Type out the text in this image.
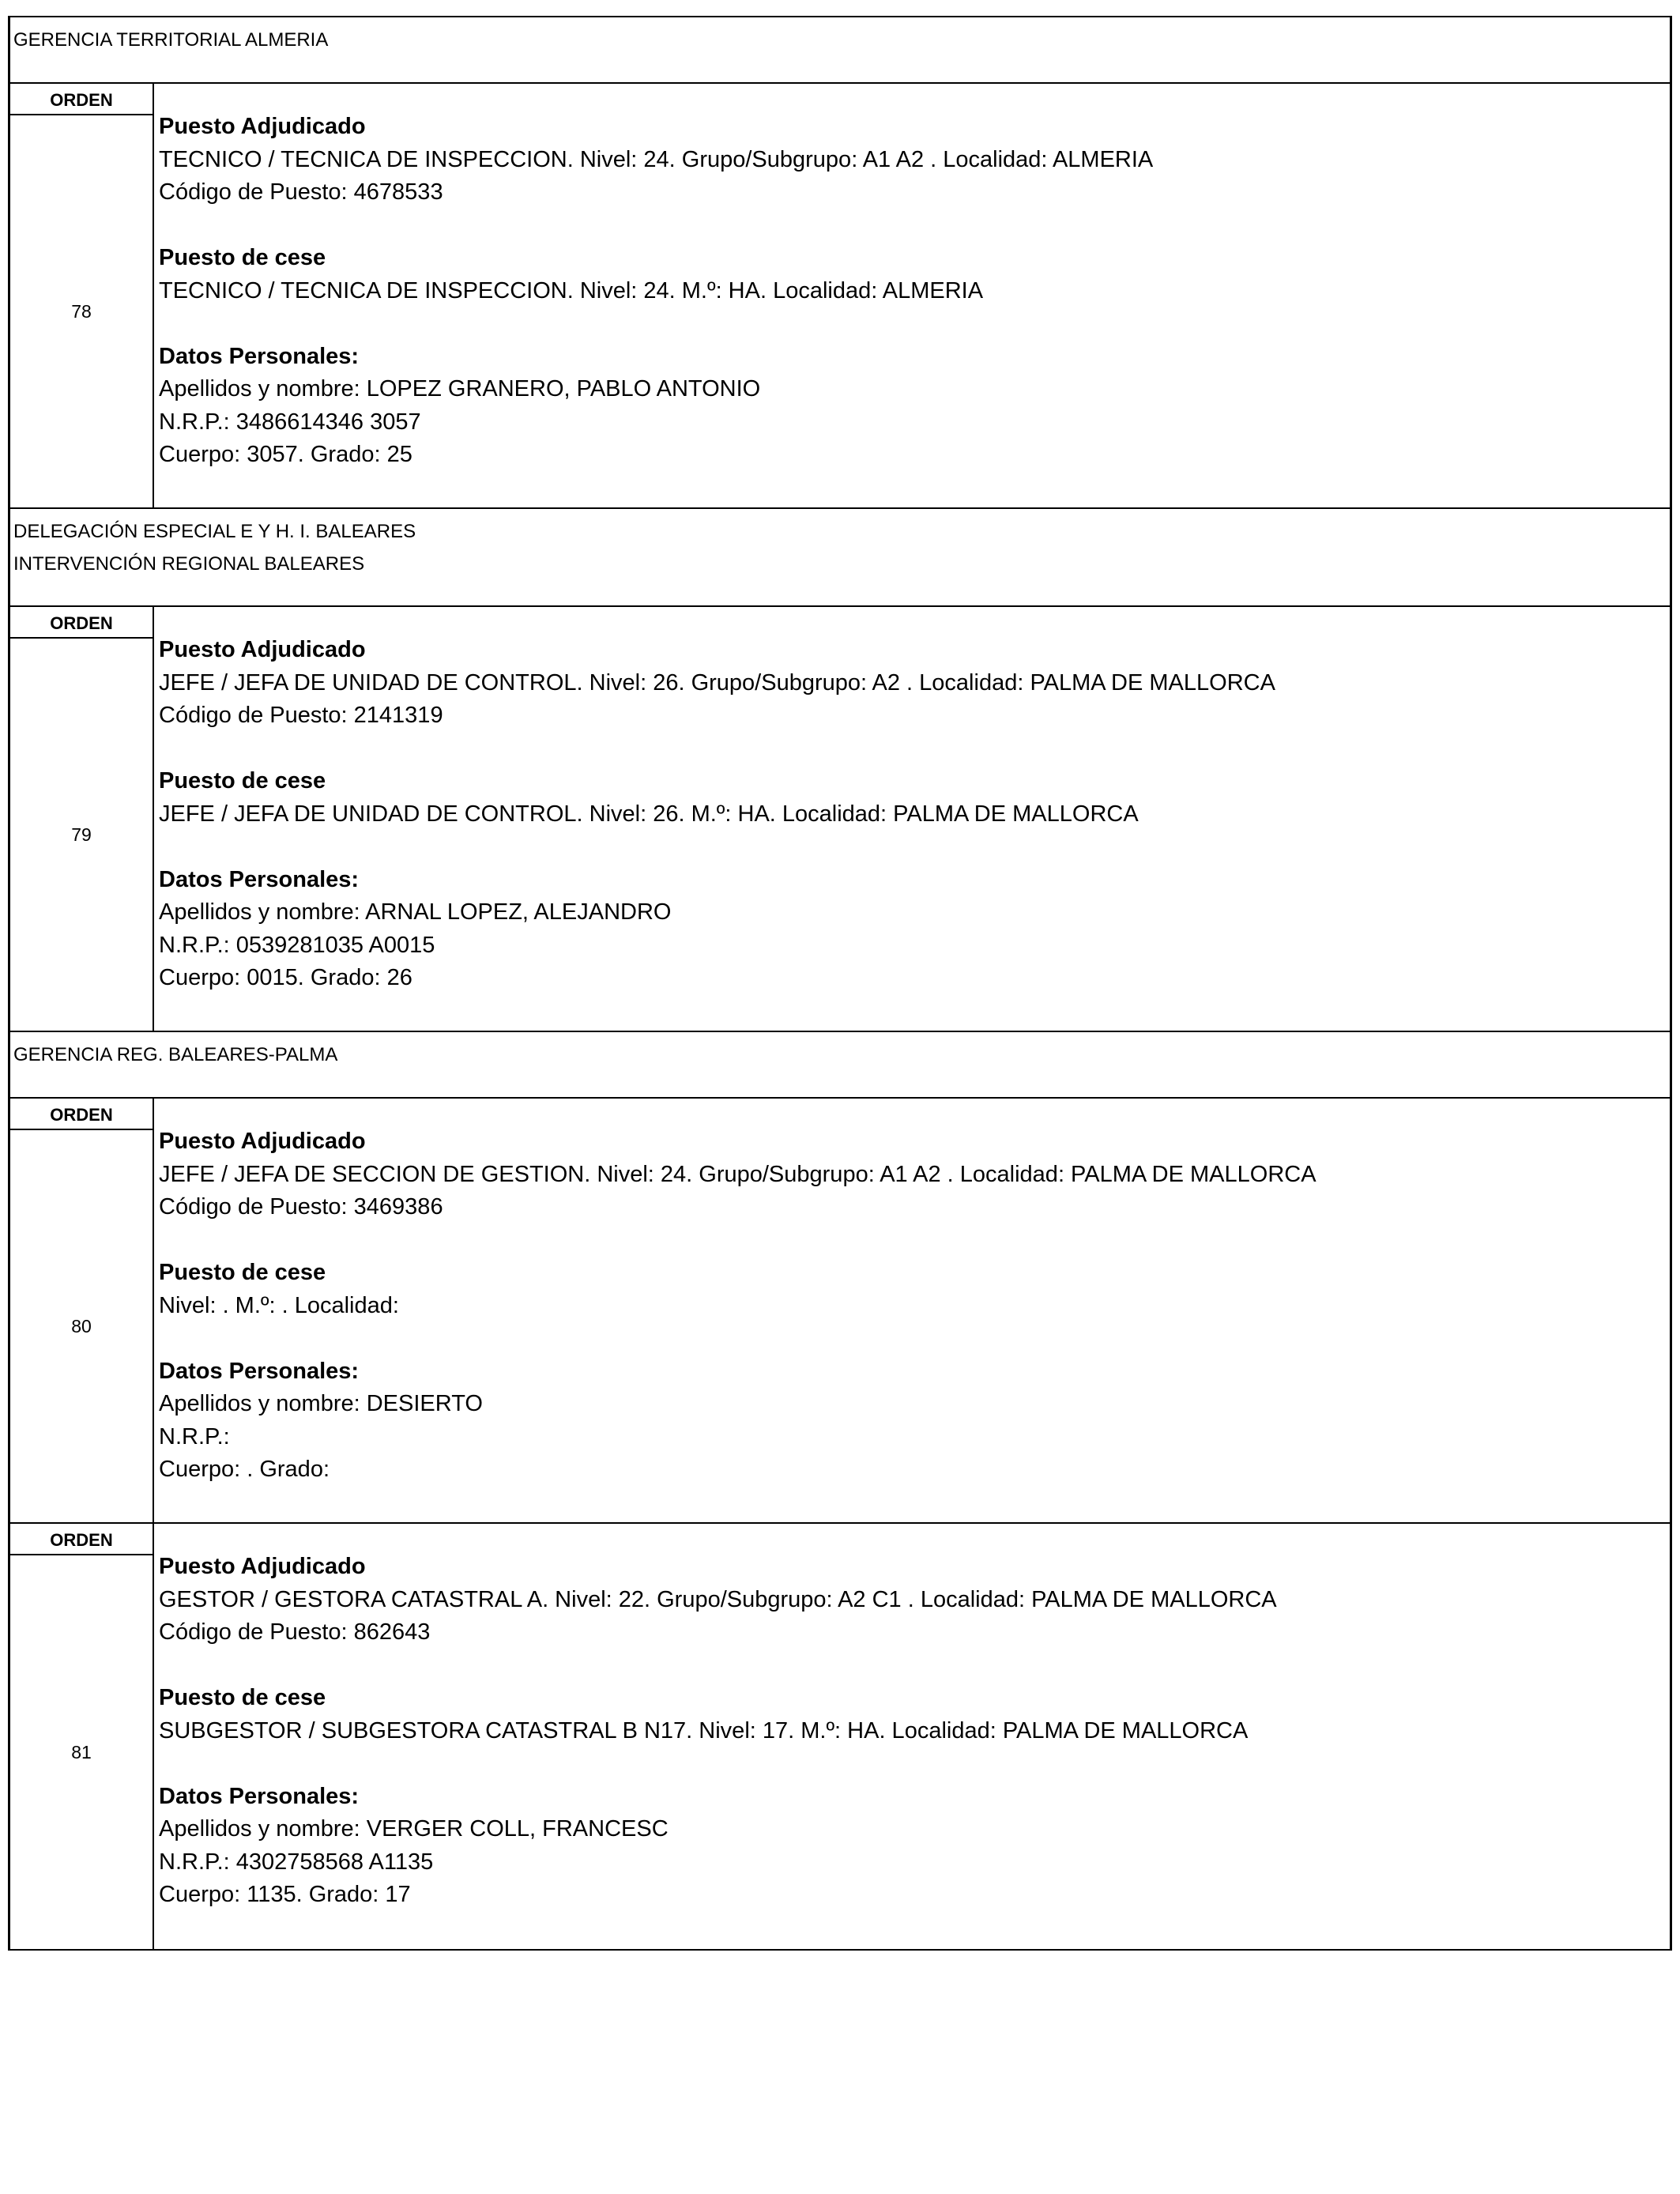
GERENCIA TERRITORIAL ALMERIA
ORDEN
78
Puesto Adjudicado
TECNICO / TECNICA DE INSPECCION. Nivel: 24. Grupo/Subgrupo: A1 A2 . Localidad: ALMERIA
Código de Puesto: 4678533
Puesto de cese
TECNICO / TECNICA DE INSPECCION. Nivel: 24. M.º: HA. Localidad: ALMERIA
Datos Personales:
Apellidos y nombre: LOPEZ GRANERO, PABLO ANTONIO
N.R.P.: 3486614346 3057
Cuerpo: 3057. Grado: 25
DELEGACIÓN ESPECIAL E Y H. I. BALEARES
INTERVENCIÓN REGIONAL BALEARES
ORDEN
79
Puesto Adjudicado
JEFE / JEFA DE UNIDAD DE CONTROL. Nivel: 26. Grupo/Subgrupo: A2 . Localidad: PALMA DE MALLORCA
Código de Puesto: 2141319
Puesto de cese
JEFE / JEFA DE UNIDAD DE CONTROL. Nivel: 26. M.º: HA. Localidad: PALMA DE MALLORCA
Datos Personales:
Apellidos y nombre: ARNAL LOPEZ, ALEJANDRO
N.R.P.: 0539281035 A0015
Cuerpo: 0015. Grado: 26
GERENCIA REG. BALEARES-PALMA
ORDEN
80
Puesto Adjudicado
JEFE / JEFA DE SECCION DE GESTION. Nivel: 24. Grupo/Subgrupo: A1 A2 . Localidad: PALMA DE MALLORCA
Código de Puesto: 3469386
Puesto de cese
Nivel: . M.º: . Localidad:
Datos Personales:
Apellidos y nombre: DESIERTO
N.R.P.:
Cuerpo: . Grado:
ORDEN
81
Puesto Adjudicado
GESTOR / GESTORA CATASTRAL A. Nivel: 22. Grupo/Subgrupo: A2 C1 . Localidad: PALMA DE MALLORCA
Código de Puesto: 862643
Puesto de cese
SUBGESTOR / SUBGESTORA CATASTRAL B N17. Nivel: 17. M.º: HA. Localidad: PALMA DE MALLORCA
Datos Personales:
Apellidos y nombre: VERGER COLL, FRANCESC
N.R.P.: 4302758568 A1135
Cuerpo: 1135. Grado: 17
